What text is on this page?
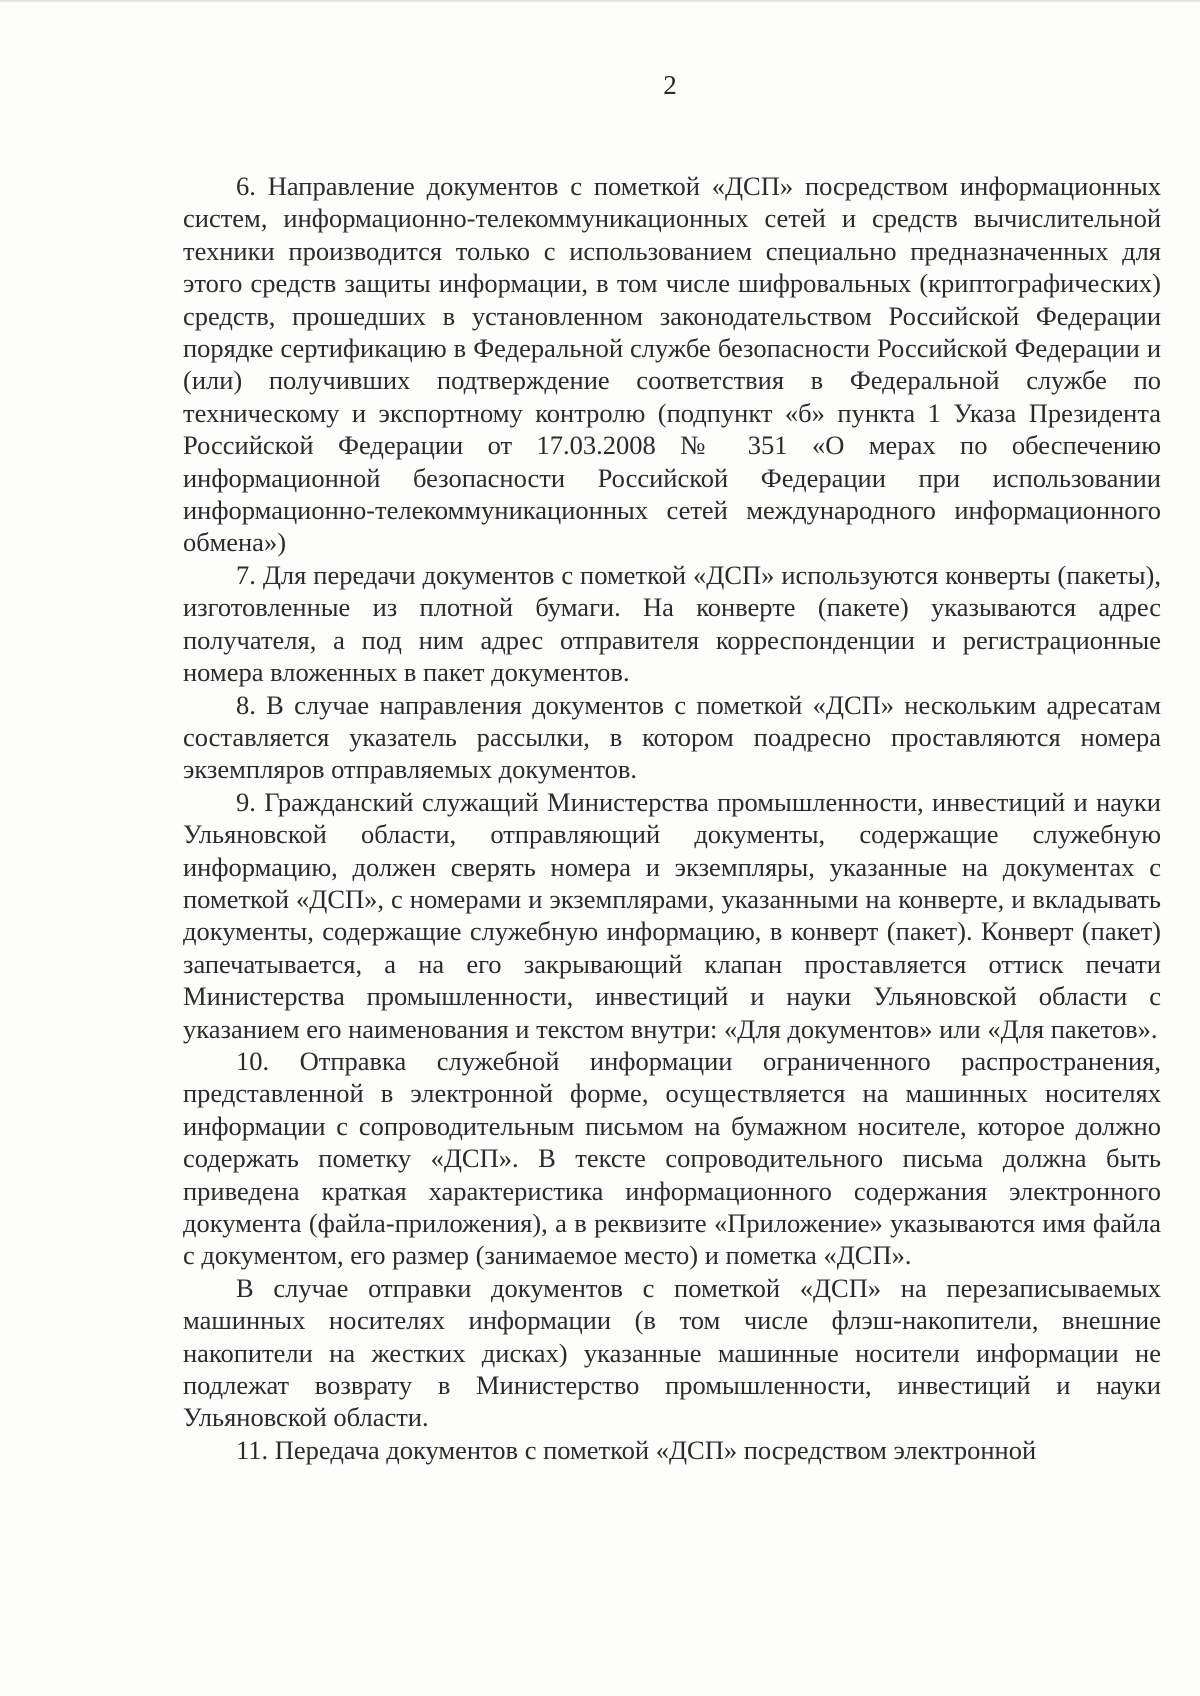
2

6. Направление документов с пометкой «ДСП» посредством информационных систем, информационно-телекоммуникационных сетей и средств вычислительной техники производится только с использованием специально предназначенных для этого средств защиты информации, в том числе шифровальных (криптографических) средств, прошедших в установленном законодательством Российской Федерации порядке сертификацию в Федеральной службе безопасности Российской Федерации и (или) получивших подтверждение соответствия в Федеральной службе по техническому и экспортному контролю (подпункт «б» пункта 1 Указа Президента Российской Федерации от 17.03.2008 № 351 «О мерах по обеспечению информационной безопасности Российской Федерации при использовании информационно-телекоммуникационных сетей международного информационного обмена»)

7. Для передачи документов с пометкой «ДСП» используются конверты (пакеты), изготовленные из плотной бумаги. На конверте (пакете) указываются адрес получателя, а под ним адрес отправителя корреспонденции и регистрационные номера вложенных в пакет документов.

8. В случае направления документов с пометкой «ДСП» нескольким адресатам составляется указатель рассылки, в котором поадресно проставляются номера экземпляров отправляемых документов.

9. Гражданский служащий Министерства промышленности, инвестиций и науки Ульяновской области, отправляющий документы, содержащие служебную информацию, должен сверять номера и экземпляры, указанные на документах с пометкой «ДСП», с номерами и экземплярами, указанными на конверте, и вкладывать документы, содержащие служебную информацию, в конверт (пакет). Конверт (пакет) запечатывается, а на его закрывающий клапан проставляется оттиск печати Министерства промышленности, инвестиций и науки Ульяновской области с указанием его наименования и текстом внутри: «Для документов» или «Для пакетов».

10. Отправка служебной информации ограниченного распространения, представленной в электронной форме, осуществляется на машинных носителях информации с сопроводительным письмом на бумажном носителе, которое должно содержать пометку «ДСП». В тексте сопроводительного письма должна быть приведена краткая характеристика информационного содержания электронного документа (файла-приложения), а в реквизите «Приложение» указываются имя файла с документом, его размер (занимаемое место) и пометка «ДСП».

В случае отправки документов с пометкой «ДСП» на перезаписываемых машинных носителях информации (в том числе флэш-накопители, внешние накопители на жестких дисках) указанные машинные носители информации не подлежат возврату в Министерство промышленности, инвестиций и науки Ульяновской области.

11. Передача документов с пометкой «ДСП» посредством электронной
